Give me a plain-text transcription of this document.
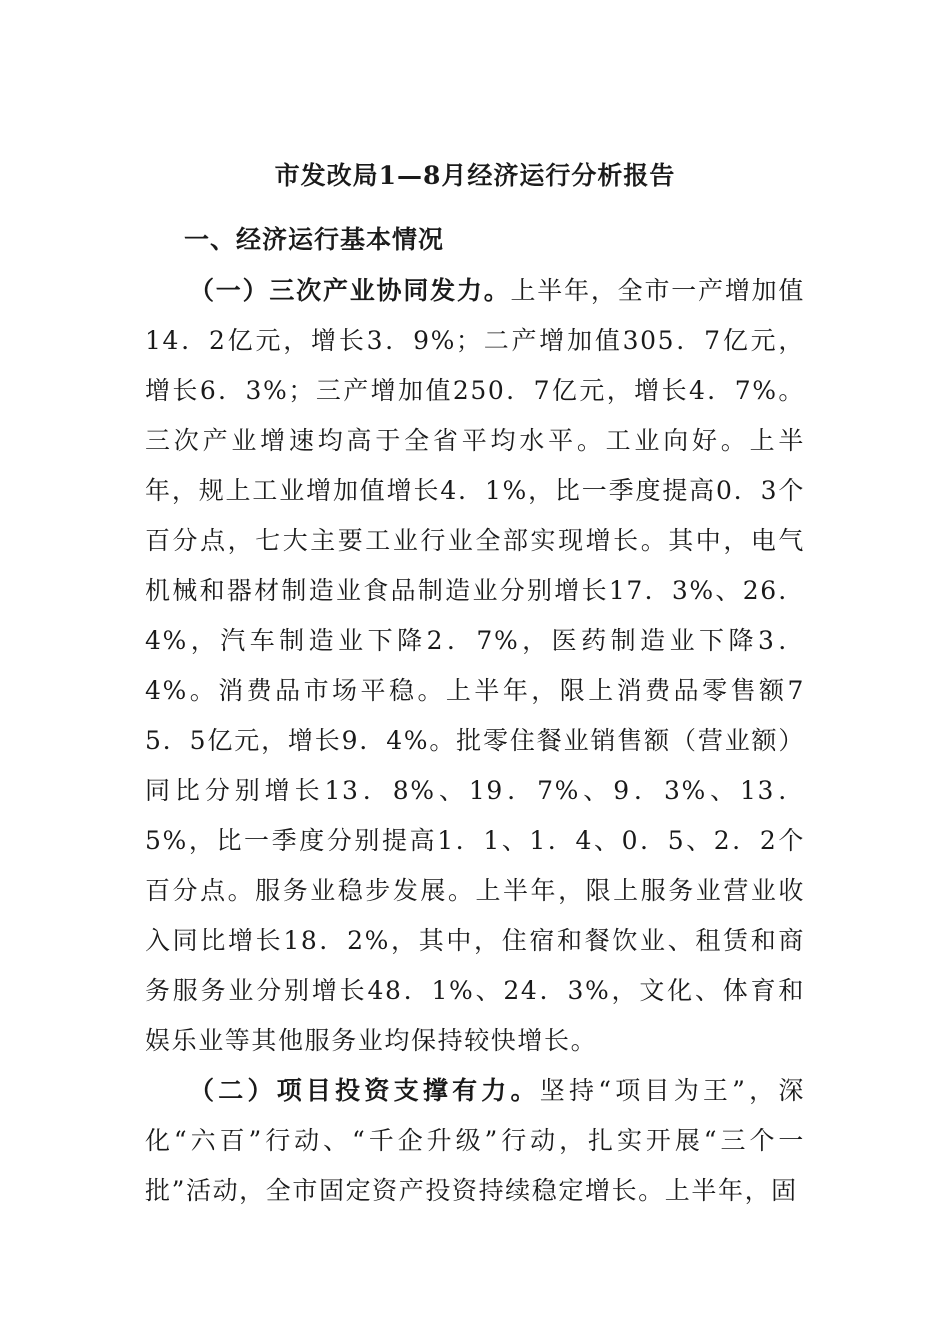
市发改局1—8月经济运行分析报告
一、经济运行基本情况

（一）三次产业协同发力。上半年，全市一产增加值14．2亿元，增长3．9%；二产增加值305．7亿元，增长6．3%；三产增加值250．7亿元，增长4．7%。三次产业增速均高于全省平均水平。工业向好。上半年，规上工业增加值增长4．1%，比一季度提高0．3个百分点，七大主要工业行业全部实现增长。其中，电气机械和器材制造业食品制造业分别增长17．3%、26．4%，汽车制造业下降2．7%，医药制造业下降3．4%。消费品市场平稳。上半年，限上消费品零售额75．5亿元，增长9．4%。批零住餐业销售额（营业额）同比分别增长13．8%、19．7%、9．3%、13．5%，比一季度分别提高1．1、1．4、0．5、2．2个百分点。服务业稳步发展。上半年，限上服务业营业收入同比增长18．2%，其中，住宿和餐饮业、租赁和商务服务业分别增长48．1%、24．3%，文化、体育和娱乐业等其他服务业均保持较快增长。

（二）项目投资支撑有力。坚持“项目为王”，深化“六百”行动、“千企升级”行动，扎实开展“三个一批”活动，全市固定资产投资持续稳定增长。上半年，固
